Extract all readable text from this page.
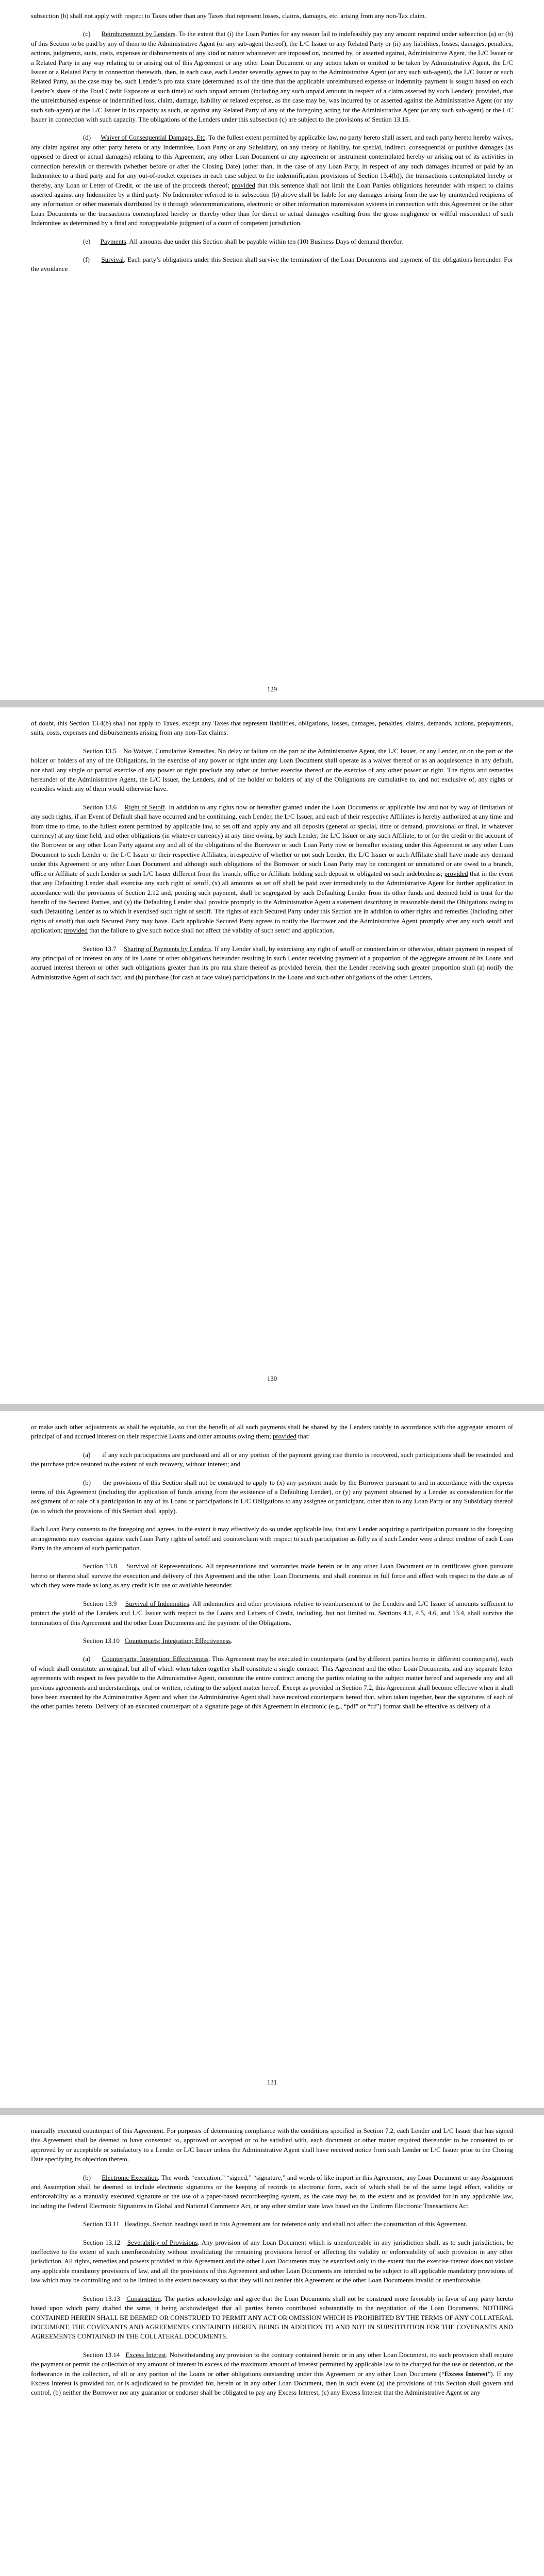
subsection (b) shall not apply with respect to Taxes other than any Taxes that represent losses, claims, damages, etc. arising from any non-Tax claim.

(c)      Reimbursement by Lenders. To the extent that (i) the Loan Parties for any reason fail to indefeasibly pay any amount required under subsection (a) or (b) of this Section to be paid by any of them to the Administrative Agent (or any sub-agent thereof), the L/C Issuer or any Related Party or (ii) any liabilities, losses, damages, penalties, actions, judgments, suits, costs, expenses or disbursements of any kind or nature whatsoever are imposed on, incurred by, or asserted against, Administrative Agent, the L/C Issuer or a Related Party in any way relating to or arising out of this Agreement or any other Loan Document or any action taken or omitted to be taken by Administrative Agent, the L/C Issuer or a Related Party in connection therewith, then, in each case, each Lender severally agrees to pay to the Administrative Agent (or any such sub-agent), the L/C Issuer or such Related Party, as the case may be, such Lender’s pro rata share (determined as of the time that the applicable unreimbursed expense or indemnity payment is sought based on each Lender’s share of the Total Credit Exposure at such time) of such unpaid amount (including any such unpaid amount in respect of a claim asserted by such Lender); provided, that the unreimbursed expense or indemnified loss, claim, damage, liability or related expense, as the case may be, was incurred by or asserted against the Administrative Agent (or any such sub-agent) or the L/C Issuer in its capacity as such, or against any Related Party of any of the foregoing acting for the Administrative Agent (or any such sub-agent) or the L/C Issuer in connection with such capacity. The obligations of the Lenders under this subsection (c) are subject to the provisions of Section 13.15.

(d)      Waiver of Consequential Damages, Etc. To the fullest extent permitted by applicable law, no party hereto shall assert, and each party hereto hereby waives, any claim against any other party hereto or any Indemnitee, Loan Party or any Subsidiary, on any theory of liability, for special, indirect, consequential or punitive damages (as opposed to direct or actual damages) relating to this Agreement, any other Loan Document or any agreement or instrument contemplated hereby or arising out of its activities in connection herewith or therewith (whether before or after the Closing Date) (other than, in the case of any Loan Party, in respect of any such damages incurred or paid by an Indemnitee to a third party and for any out-of-pocket expenses in each case subject to the indemnification provisions of Section 13.4(b)), the transactions contemplated hereby or thereby, any Loan or Letter of Credit, or the use of the proceeds thereof; provided that this sentence shall not limit the Loan Parties obligations hereunder with respect to claims asserted against any Indemnitee by a third party. No Indemnitee referred to in subsection (b) above shall be liable for any damages arising from the use by unintended recipients of any information or other materials distributed by it through telecommunications, electronic or other information transmission systems in connection with this Agreement or the other Loan Documents or the transactions contemplated hereby or thereby other than for direct or actual damages resulting from the gross negligence or willful misconduct of such Indemnitee as determined by a final and nonappealable judgment of a court of competent jurisdiction.

(e)      Payments. All amounts due under this Section shall be payable within ten (10) Business Days of demand therefor.

(f)      Survival. Each party’s obligations under this Section shall survive the termination of the Loan Documents and payment of the obligations hereunder. For the avoidance

129

of doubt, this Section 13.4(b) shall not apply to Taxes, except any Taxes that represent liabilities, obligations, losses, damages, penalties, claims, demands, actions, prepayments, suits, costs, expenses and disbursements arising from any non-Tax claims.

Section 13.5    No Waiver, Cumulative Remedies. No delay or failure on the part of the Administrative Agent, the L/C Issuer, or any Lender, or on the part of the holder or holders of any of the Obligations, in the exercise of any power or right under any Loan Document shall operate as a waiver thereof or as an acquiescence in any default, nor shall any single or partial exercise of any power or right preclude any other or further exercise thereof or the exercise of any other power or right. The rights and remedies hereunder of the Administrative Agent, the L/C Issuer, the Lenders, and of the holder or holders of any of the Obligations are cumulative to, and not exclusive of, any rights or remedies which any of them would otherwise have.

Section 13.6    Right of Setoff. In addition to any rights now or hereafter granted under the Loan Documents or applicable law and not by way of limitation of any such rights, if an Event of Default shall have occurred and be continuing, each Lender, the L/C Issuer, and each of their respective Affiliates is hereby authorized at any time and from time to time, to the fullest extent permitted by applicable law, to set off and apply any and all deposits (general or special, time or demand, provisional or final, in whatever currency) at any time held, and other obligations (in whatever currency) at any time owing, by such Lender, the L/C Issuer or any such Affiliate, to or for the credit or the account of the Borrower or any other Loan Party against any and all of the obligations of the Borrower or such Loan Party now or hereafter existing under this Agreement or any other Loan Document to such Lender or the L/C Issuer or their respective Affiliates, irrespective of whether or not such Lender, the L/C Issuer or such Affiliate shall have made any demand under this Agreement or any other Loan Document and although such obligations of the Borrower or such Loan Party may be contingent or unmatured or are owed to a branch, office or Affiliate of such Lender or such L/C Issuer different from the branch, office or Affiliate holding such deposit or obligated on such indebtedness; provided that in the event that any Defaulting Lender shall exercise any such right of setoff, (x) all amounts so set off shall be paid over immediately to the Administrative Agent for further application in accordance with the provisions of Section 2.12 and, pending such payment, shall be segregated by such Defaulting Lender from its other funds and deemed held in trust for the benefit of the Secured Parties, and (y) the Defaulting Lender shall provide promptly to the Administrative Agent a statement describing in reasonable detail the Obligations owing to such Defaulting Lender as to which it exercised such right of setoff. The rights of each Secured Party under this Section are in addition to other rights and remedies (including other rights of setoff) that such Secured Party may have. Each applicable Secured Party agrees to notify the Borrower and the Administrative Agent promptly after any such setoff and application; provided that the failure to give such notice shall not affect the validity of such setoff and application.

Section 13.7    Sharing of Payments by Lenders. If any Lender shall, by exercising any right of setoff or counterclaim or otherwise, obtain payment in respect of any principal of or interest on any of its Loans or other obligations hereunder resulting in such Lender receiving payment of a proportion of the aggregate amount of its Loans and accrued interest thereon or other such obligations greater than its pro rata share thereof as provided herein, then the Lender receiving such greater proportion shall (a) notify the Administrative Agent of such fact, and (b) purchase (for cash at face value) participations in the Loans and such other obligations of the other Lenders,

130

or make such other adjustments as shall be equitable, so that the benefit of all such payments shall be shared by the Lenders ratably in accordance with the aggregate amount of principal of and accrued interest on their respective Loans and other amounts owing them; provided that:

(a)      if any such participations are purchased and all or any portion of the payment giving rise thereto is recovered, such participations shall be rescinded and the purchase price restored to the extent of such recovery, without interest; and

(b)      the provisions of this Section shall not be construed to apply to (x) any payment made by the Borrower pursuant to and in accordance with the express terms of this Agreement (including the application of funds arising from the existence of a Defaulting Lender), or (y) any payment obtained by a Lender as consideration for the assignment of or sale of a participation in any of its Loans or participations in L/C Obligations to any assignee or participant, other than to any Loan Party or any Subsidiary thereof (as to which the provisions of this Section shall apply).

Each Loan Party consents to the foregoing and agrees, to the extent it may effectively do so under applicable law, that any Lender acquiring a participation pursuant to the foregoing arrangements may exercise against each Loan Party rights of setoff and counterclaim with respect to such participation as fully as if such Lender were a direct creditor of each Loan Party in the amount of such participation.

Section 13.8    Survival of Representations. All representations and warranties made herein or in any other Loan Document or in certificates given pursuant hereto or thereto shall survive the execution and delivery of this Agreement and the other Loan Documents, and shall continue in full force and effect with respect to the date as of which they were made as long as any credit is in use or available hereunder.

Section 13.9    Survival of Indemnities. All indemnities and other provisions relative to reimbursement to the Lenders and L/C Issuer of amounts sufficient to protect the yield of the Lenders and L/C Issuer with respect to the Loans and Letters of Credit, including, but not limited to, Sections 4.1, 4.5, 4.6, and 13.4, shall survive the termination of this Agreement and the other Loan Documents and the payment of the Obligations.

Section 13.10   Counterparts; Integration; Effectiveness.

(a)      Counterparts; Integration; Effectiveness. This Agreement may be executed in counterparts (and by different parties hereto in different counterparts), each of which shall constitute an original, but all of which when taken together shall constitute a single contract. This Agreement and the other Loan Documents, and any separate letter agreements with respect to fees payable to the Administrative Agent, constitute the entire contract among the parties relating to the subject matter hereof and supersede any and all previous agreements and understandings, oral or written, relating to the subject matter hereof. Except as provided in Section 7.2, this Agreement shall become effective when it shall have been executed by the Administrative Agent and when the Administrative Agent shall have received counterparts hereof that, when taken together, bear the signatures of each of the other parties hereto. Delivery of an executed counterpart of a signature page of this Agreement in electronic (e.g., “pdf” or “tif”) format shall be effective as delivery of a

131

manually executed counterpart of this Agreement. For purposes of determining compliance with the conditions specified in Section 7.2, each Lender and L/C Issuer that has signed this Agreement shall be deemed to have consented to, approved or accepted or to be satisfied with, each document or other matter required thereunder to be consented to or approved by or acceptable or satisfactory to a Lender or L/C Issuer unless the Administrative Agent shall have received notice from such Lender or L/C Issuer prior to the Closing Date specifying its objection thereto.

(b)      Electronic Execution. The words “execution,” “signed,” “signature,” and words of like import in this Agreement, any Loan Document or any Assignment and Assumption shall be deemed to include electronic signatures or the keeping of records in electronic form, each of which shall be of the same legal effect, validity or enforceability as a manually executed signature or the use of a paper-based recordkeeping system, as the case may be, to the extent and as provided for in any applicable law, including the Federal Electronic Signatures in Global and National Commerce Act, or any other similar state laws based on the Uniform Electronic Transactions Act.

Section 13.11   Headings. Section headings used in this Agreement are for reference only and shall not affect the construction of this Agreement.

Section 13.12   Severability of Provisions. Any provision of any Loan Document which is unenforceable in any jurisdiction shall, as to such jurisdiction, be ineffective to the extent of such unenforceability without invalidating the remaining provisions hereof or affecting the validity or enforceability of such provision in any other jurisdiction. All rights, remedies and powers provided in this Agreement and the other Loan Documents may be exercised only to the extent that the exercise thereof does not violate any applicable mandatory provisions of law, and all the provisions of this Agreement and other Loan Documents are intended to be subject to all applicable mandatory provisions of law which may be controlling and to be limited to the extent necessary so that they will not render this Agreement or the other Loan Documents invalid or unenforceable.

Section 13.13   Construction. The parties acknowledge and agree that the Loan Documents shall not be construed more favorably in favor of any party hereto based upon which party drafted the same, it being acknowledged that all parties hereto contributed substantially to the negotiation of the Loan Documents. NOTHING CONTAINED HEREIN SHALL BE DEEMED OR CONSTRUED TO PERMIT ANY ACT OR OMISSION WHICH IS PROHIBITED BY THE TERMS OF ANY COLLATERAL DOCUMENT, THE COVENANTS AND AGREEMENTS CONTAINED HEREIN BEING IN ADDITION TO AND NOT IN SUBSTITUTION FOR THE COVENANTS AND AGREEMENTS CONTAINED IN THE COLLATERAL DOCUMENTS.

Section 13.14   Excess Interest. Notwithstanding any provision to the contrary contained herein or in any other Loan Document, no such provision shall require the payment or permit the collection of any amount of interest in excess of the maximum amount of interest permitted by applicable law to be charged for the use or detention, or the forbearance in the collection, of all or any portion of the Loans or other obligations outstanding under this Agreement or any other Loan Document (“Excess Interest”). If any Excess Interest is provided for, or is adjudicated to be provided for, herein or in any other Loan Document, then in such event (a) the provisions of this Section shall govern and control, (b) neither the Borrower nor any guarantor or endorser shall be obligated to pay any Excess Interest, (c) any Excess Interest that the Administrative Agent or any
